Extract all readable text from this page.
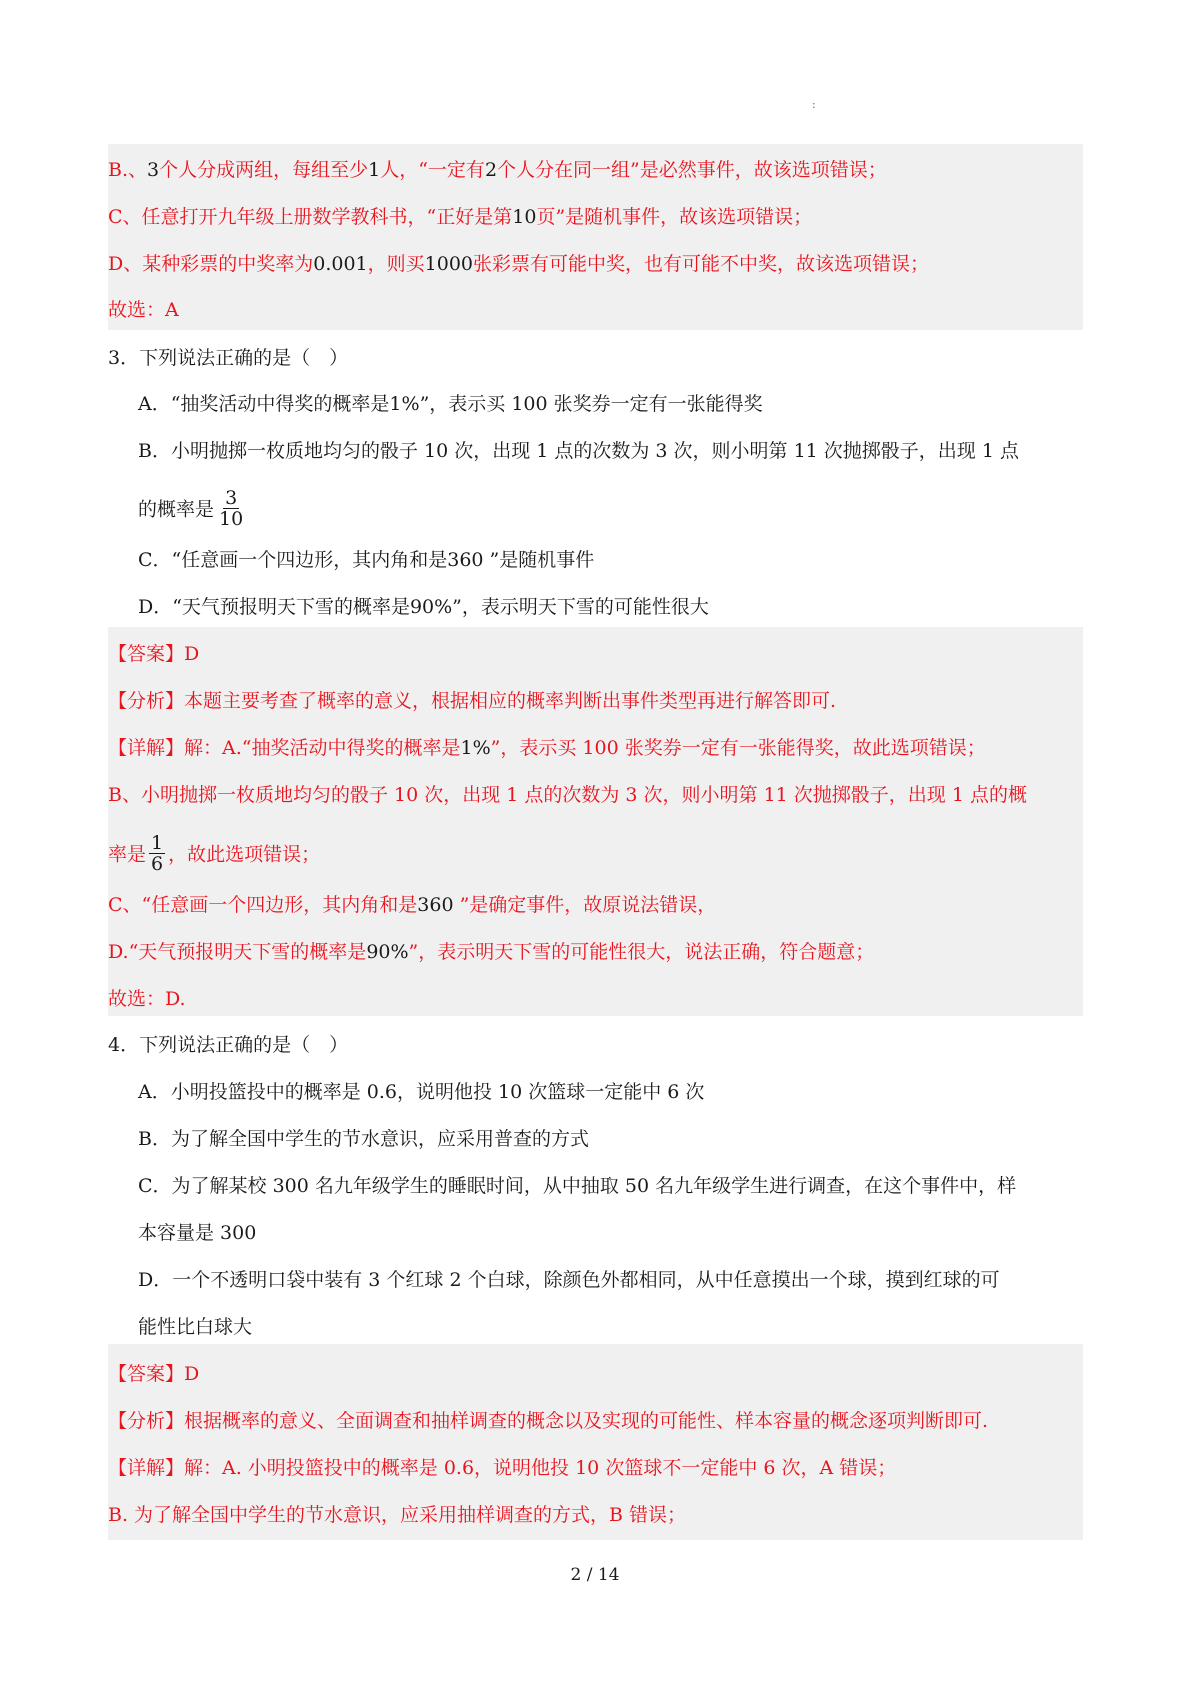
:
B.、3个人分成两组，每组至少1人，“一定有2个人分在同一组”是必然事件，故该选项错误；
C、任意打开九年级上册数学教科书，“正好是第10页”是随机事件，故该选项错误；
D、某种彩票的中奖率为0.001，则买1000张彩票有可能中奖，也有可能不中奖，故该选项错误；
故选：A
3．下列说法正确的是（　）
A．“抽奖活动中得奖的概率是1%”，表示买 100 张奖券一定有一张能得奖
B．小明抛掷一枚质地均匀的骰子 10 次，出现 1 点的次数为 3 次，则小明第 11 次抛掷骰子，出现 1 点
的概率是 $\frac{3}{10}$
C．“任意画一个四边形，其内角和是360 ”是随机事件
D．“天气预报明天下雪的概率是90%”，表示明天下雪的可能性很大
【答案】D
【分析】本题主要考查了概率的意义，根据相应的概率判断出事件类型再进行解答即可.
【详解】解：A.“抽奖活动中得奖的概率是1%”，表示买 100 张奖券一定有一张能得奖，故此选项错误；
B、小明抛掷一枚质地均匀的骰子 10 次，出现 1 点的次数为 3 次，则小明第 11 次抛掷骰子，出现 1 点的概
率是 $\frac{1}{6}$ ，故此选项错误；
C、“任意画一个四边形，其内角和是360 ”是确定事件，故原说法错误，
D.“天气预报明天下雪的概率是90%”，表示明天下雪的可能性很大，说法正确，符合题意；
故选：D.
4．下列说法正确的是（　）
A．小明投篮投中的概率是 0.6，说明他投 10 次篮球一定能中 6 次
B．为了解全国中学生的节水意识，应采用普查的方式
C．为了解某校 300 名九年级学生的睡眠时间，从中抽取 50 名九年级学生进行调查，在这个事件中，样
本容量是 300
D．一个不透明口袋中装有 3 个红球 2 个白球，除颜色外都相同，从中任意摸出一个球，摸到红球的可
能性比白球大
【答案】D
【分析】根据概率的意义、全面调查和抽样调查的概念以及实现的可能性、样本容量的概念逐项判断即可.
【详解】解：A. 小明投篮投中的概率是 0.6，说明他投 10 次篮球不一定能中 6 次，A 错误；
B. 为了解全国中学生的节水意识，应采用抽样调查的方式，B 错误；
2 / 14
